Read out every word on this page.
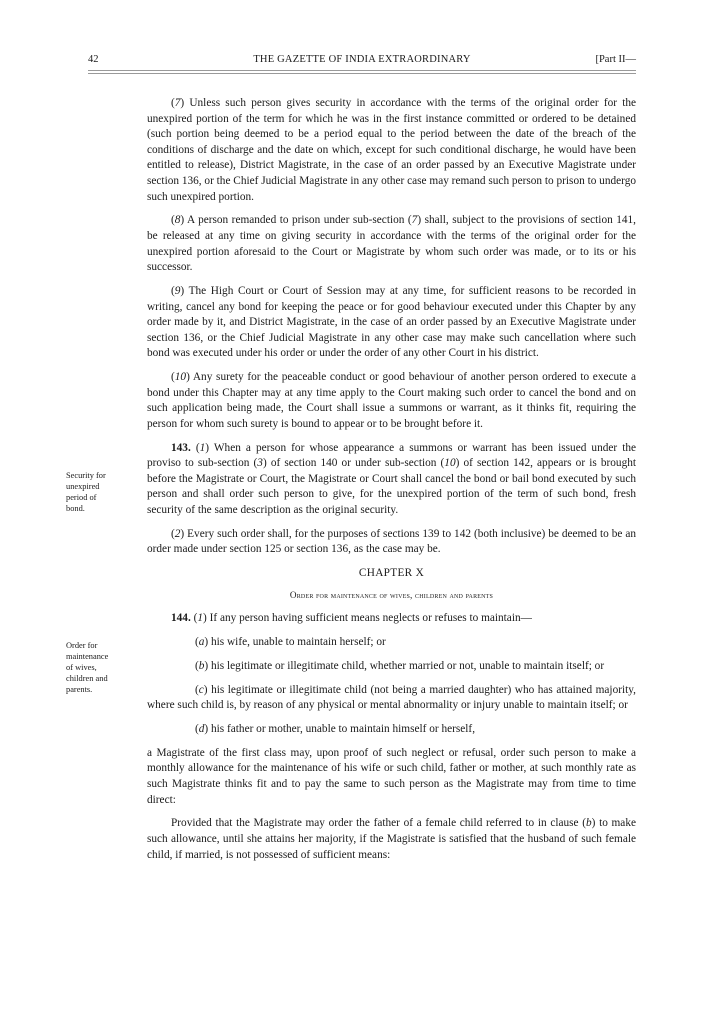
42	THE GAZETTE OF INDIA EXTRAORDINARY	[Part II—
Security for
unexpired
period of
bond.
Order for
maintenance
of wives,
children and
parents.

(7) Unless such person gives security in accordance with the terms of the original order for the unexpired portion of the term for which he was in the first instance committed or ordered to be detained (such portion being deemed to be a period equal to the period between the date of the breach of the conditions of discharge and the date on which, except for such conditional discharge, he would have been entitled to release), District Magistrate, in the case of an order passed by an Executive Magistrate under section 136, or the Chief Judicial Magistrate in any other case may remand such person to prison to undergo such unexpired portion.

(8) A person remanded to prison under sub-section (7) shall, subject to the provisions of section 141, be released at any time on giving security in accordance with the terms of the original order for the unexpired portion aforesaid to the Court or Magistrate by whom such order was made, or to its or his successor.

(9) The High Court or Court of Session may at any time, for sufficient reasons to be recorded in writing, cancel any bond for keeping the peace or for good behaviour executed under this Chapter by any order made by it, and District Magistrate, in the case of an order passed by an Executive Magistrate under section 136, or the Chief Judicial Magistrate in any other case may make such cancellation where such bond was executed under his order or under the order of any other Court in his district.

(10) Any surety for the peaceable conduct or good behaviour of another person ordered to execute a bond under this Chapter may at any time apply to the Court making such order to cancel the bond and on such application being made, the Court shall issue a summons or warrant, as it thinks fit, requiring the person for whom such surety is bound to appear or to be brought before it.

143. (1) When a person for whose appearance a summons or warrant has been issued under the proviso to sub-section (3) of section 140 or under sub-section (10) of section 142, appears or is brought before the Magistrate or Court, the Magistrate or Court shall cancel the bond or bail bond executed by such person and shall order such person to give, for the unexpired portion of the term of such bond, fresh security of the same description as the original security.

(2) Every such order shall, for the purposes of sections 139 to 142 (both inclusive) be deemed to be an order made under section 125 or section 136, as the case may be.

CHAPTER X

Order for maintenance of wives, children and parents

144. (1) If any person having sufficient means neglects or refuses to maintain—

(a) his wife, unable to maintain herself; or

(b) his legitimate or illegitimate child, whether married or not, unable to maintain itself; or

(c) his legitimate or illegitimate child (not being a married daughter) who has attained majority, where such child is, by reason of any physical or mental abnormality or injury unable to maintain itself; or

(d) his father or mother, unable to maintain himself or herself,

a Magistrate of the first class may, upon proof of such neglect or refusal, order such person to make a monthly allowance for the maintenance of his wife or such child, father or mother, at such monthly rate as such Magistrate thinks fit and to pay the same to such person as the Magistrate may from time to time direct:

Provided that the Magistrate may order the father of a female child referred to in clause (b) to make such allowance, until she attains her majority, if the Magistrate is satisfied that the husband of such female child, if married, is not possessed of sufficient means:
